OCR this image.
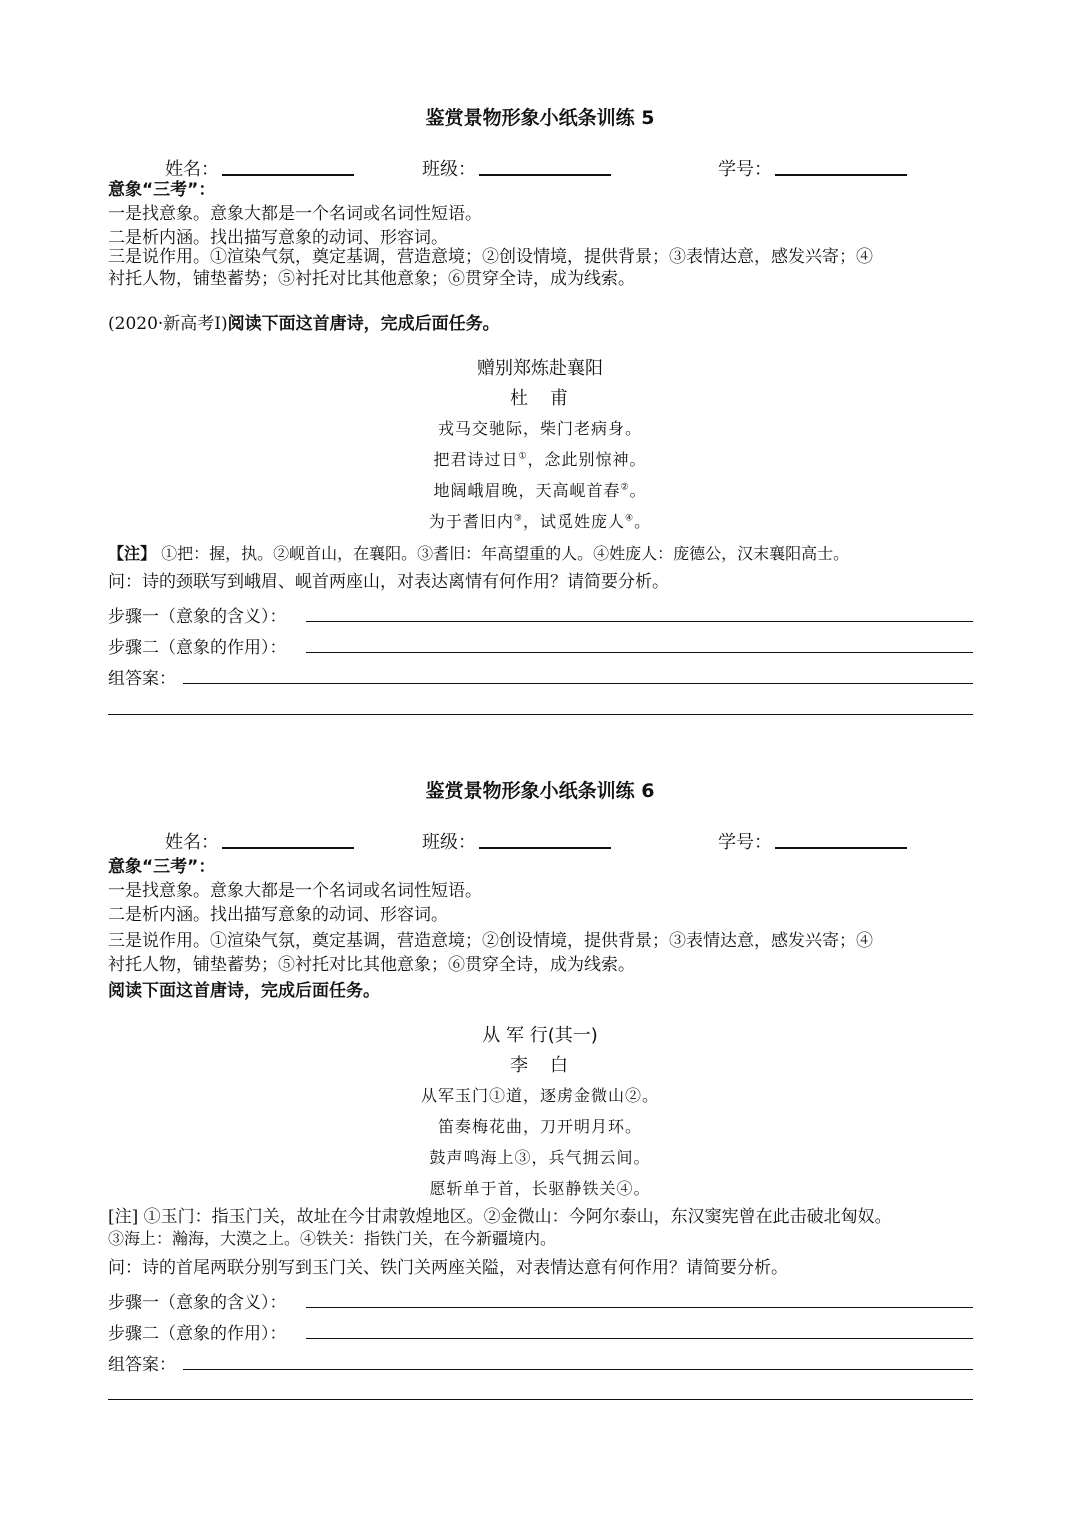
鉴赏景物形象小纸条训练 5
姓名：	班级：	学号：
意象“三考”：
一是找意象。意象大都是一个名词或名词性短语。
二是析内涵。找出描写意象的动词、形容词。
三是说作用。①渲染气氛，奠定基调，营造意境；②创设情境，提供背景；③表情达意，感发兴寄；④
衬托人物，铺垫蓄势；⑤衬托对比其他意象；⑥贯穿全诗，成为线索。
(2020·新高考Ⅰ)阅读下面这首唐诗，完成后面任务。
赠别郑炼赴襄阳
杜　甫
戎马交驰际，柴门老病身。
把君诗过日①，念此别惊神。
地阔峨眉晚，天高岘首春②。
为于耆旧内③，试觅姓庞人④。
【注】 ①把：握，执。②岘首山，在襄阳。③耆旧：年高望重的人。④姓庞人：庞德公，汉末襄阳高士。
问：诗的颈联写到峨眉、岘首两座山，对表达离情有何作用？请简要分析。
步骤一（意象的含义）：
步骤二（意象的作用）：
组答案：
鉴赏景物形象小纸条训练 6
姓名：	班级：	学号：
意象“三考”：
一是找意象。意象大都是一个名词或名词性短语。
二是析内涵。找出描写意象的动词、形容词。
三是说作用。①渲染气氛，奠定基调，营造意境；②创设情境，提供背景；③表情达意，感发兴寄；④
衬托人物，铺垫蓄势；⑤衬托对比其他意象；⑥贯穿全诗，成为线索。
阅读下面这首唐诗，完成后面任务。
从 军 行(其一)
李　白
从军玉门①道，逐虏金微山②。
笛奏梅花曲，刀开明月环。
鼓声鸣海上③，兵气拥云间。
愿斩单于首，长驱静铁关④。
[注] ①玉门：指玉门关，故址在今甘肃敦煌地区。②金微山：今阿尔泰山，东汉窦宪曾在此击破北匈奴。
③海上：瀚海，大漠之上。④铁关：指铁门关，在今新疆境内。
问：诗的首尾两联分别写到玉门关、铁门关两座关隘，对表情达意有何作用？请简要分析。
步骤一（意象的含义）：
步骤二（意象的作用）：
组答案：
